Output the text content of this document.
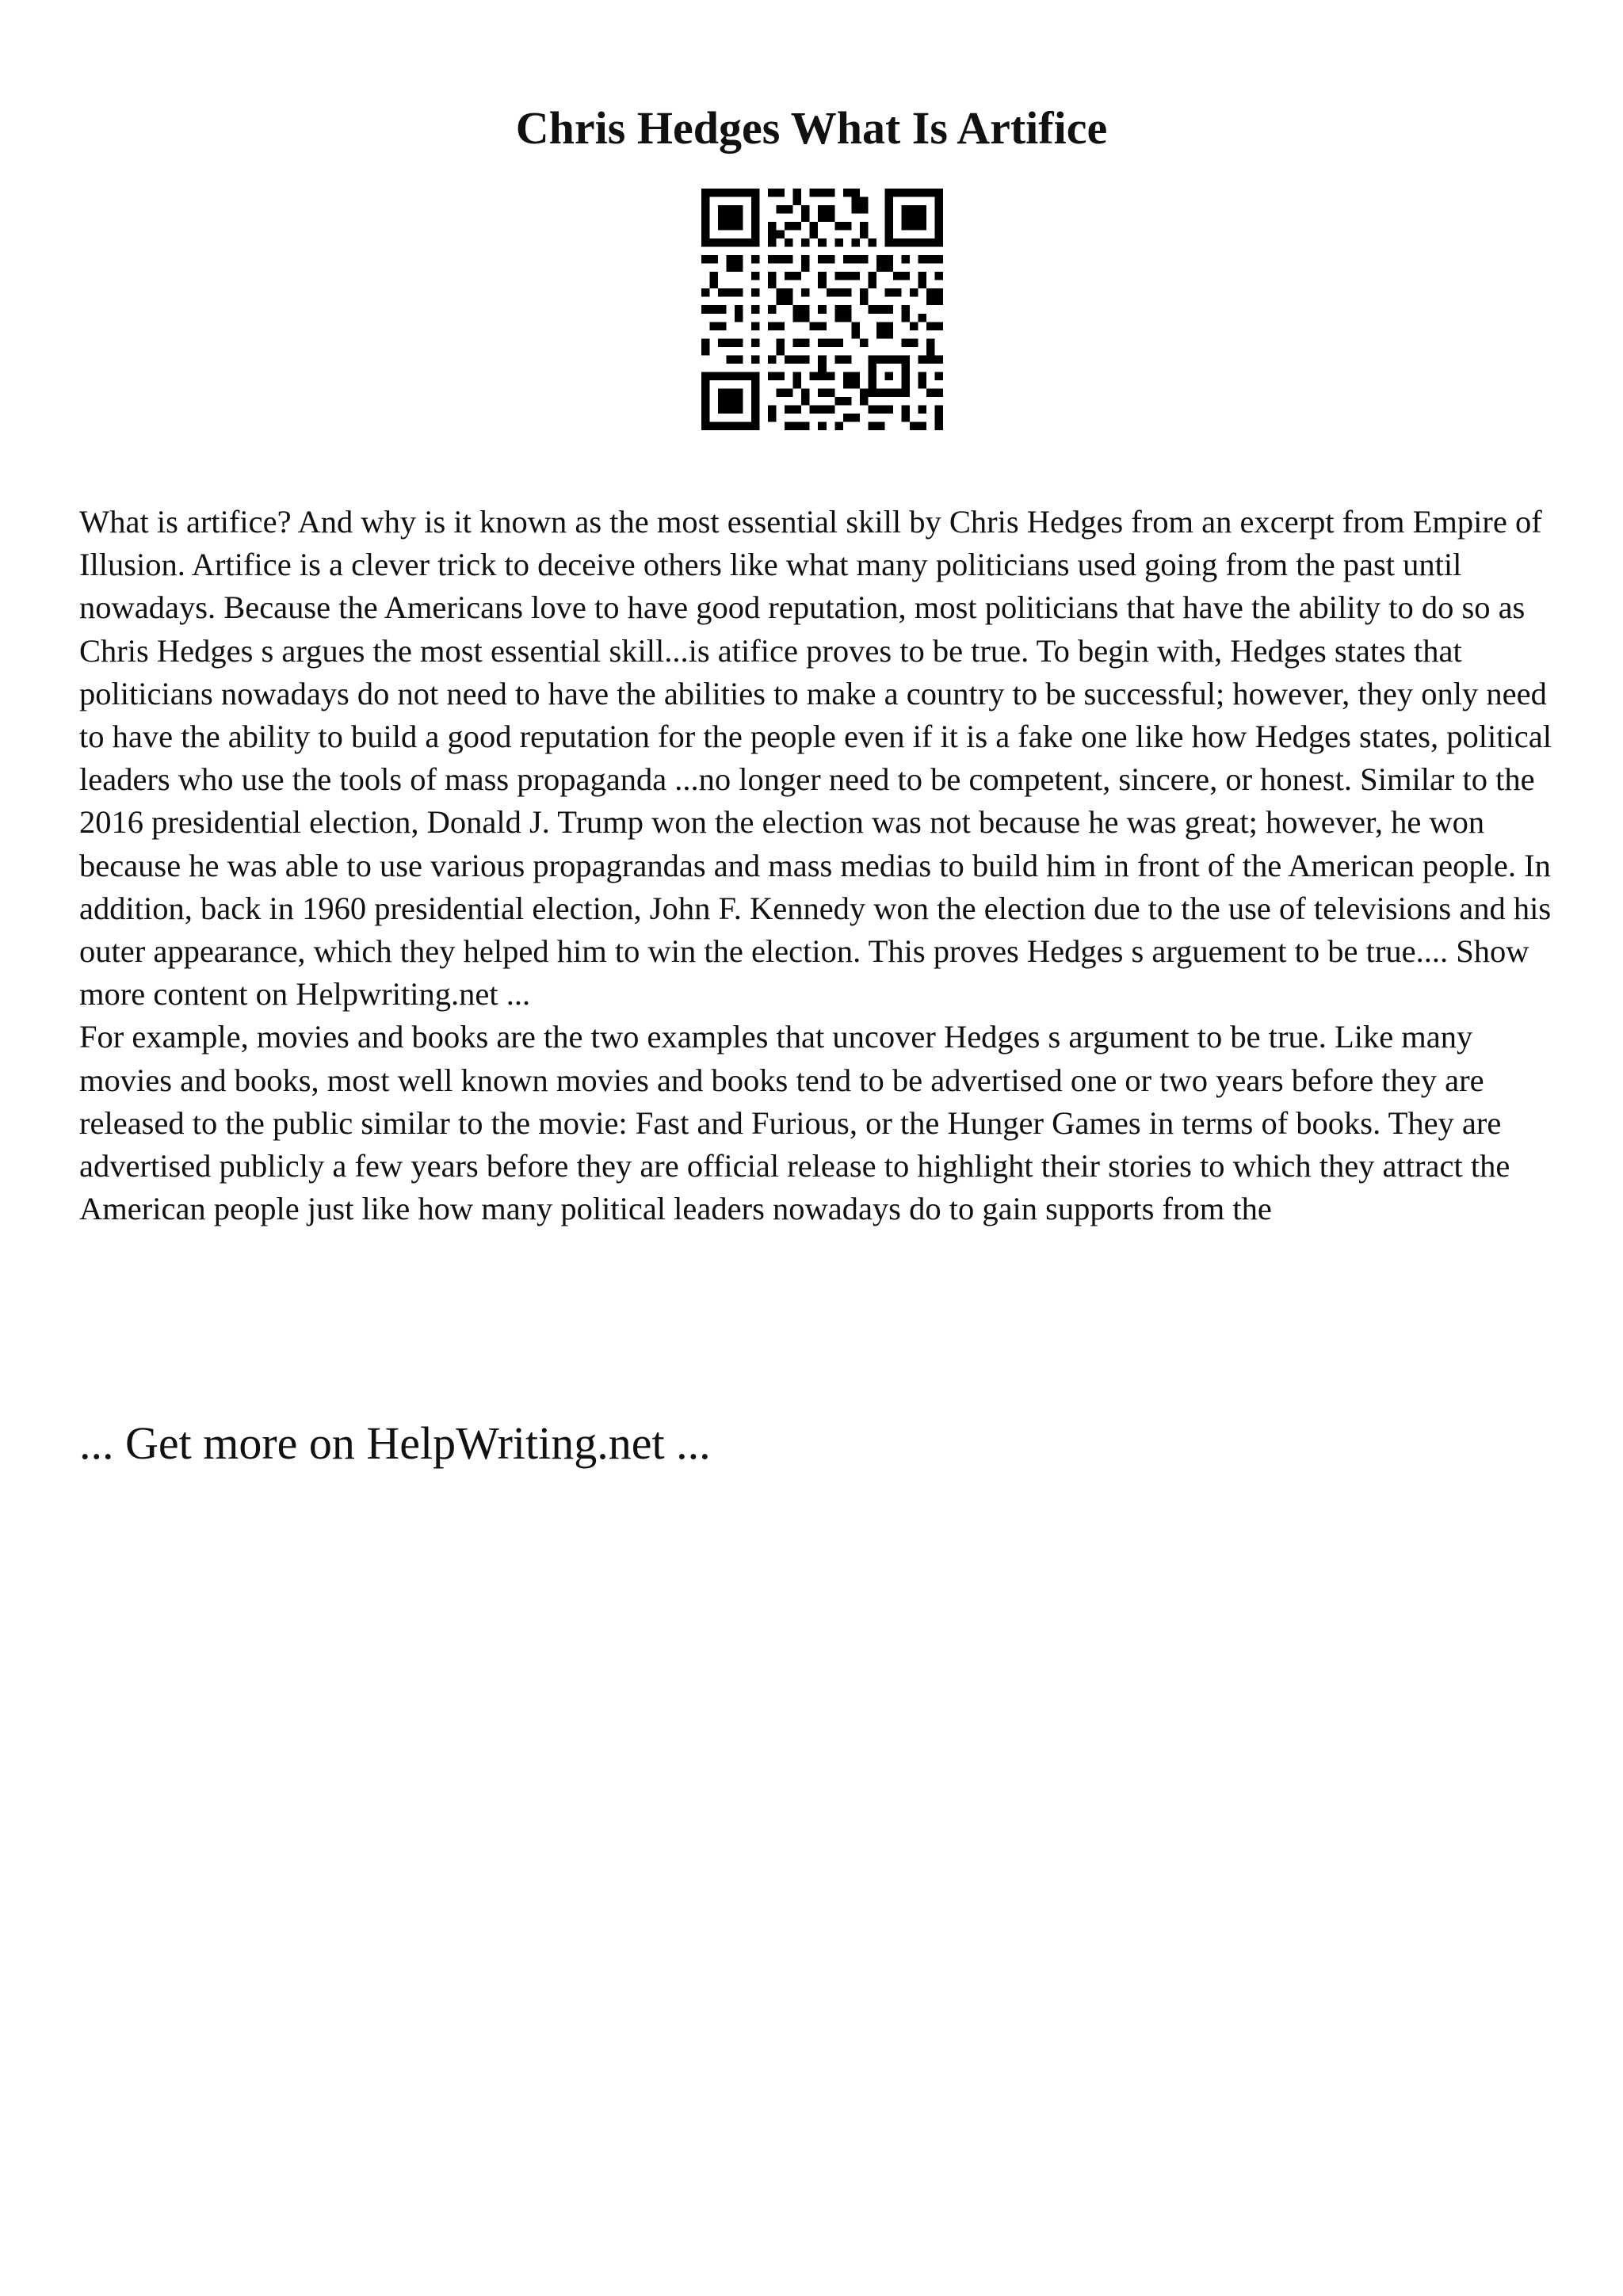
Chris Hedges What Is Artifice

What is artifice? And why is it known as the most essential skill by Chris Hedges from an excerpt from Empire of Illusion. Artifice is a clever trick to deceive others like what many politicians used going from the past until nowadays. Because the Americans love to have good reputation, most politicians that have the ability to do so as Chris Hedges s argues the most essential skill...is atifice proves to be true. To begin with, Hedges states that politicians nowadays do not need to have the abilities to make a country to be successful; however, they only need to have the ability to build a good reputation for the people even if it is a fake one like how Hedges states, political leaders who use the tools of mass propaganda ...no longer need to be competent, sincere, or honest. Similar to the 2016 presidential election, Donald J. Trump won the election was not because he was great; however, he won because he was able to use various propagrandas and mass medias to build him in front of the American people. In addition, back in 1960 presidential election, John F. Kennedy won the election due to the use of televisions and his outer appearance, which they helped him to win the election. This proves Hedges s arguement to be true.... Show more content on Helpwriting.net ...

For example, movies and books are the two examples that uncover Hedges s argument to be true. Like many movies and books, most well known movies and books tend to be advertised one or two years before they are released to the public similar to the movie: Fast and Furious, or the Hunger Games in terms of books. They are advertised publicly a few years before they are official release to highlight their stories to which they attract the American people just like how many political leaders nowadays do to gain supports from the

... Get more on HelpWriting.net ...
